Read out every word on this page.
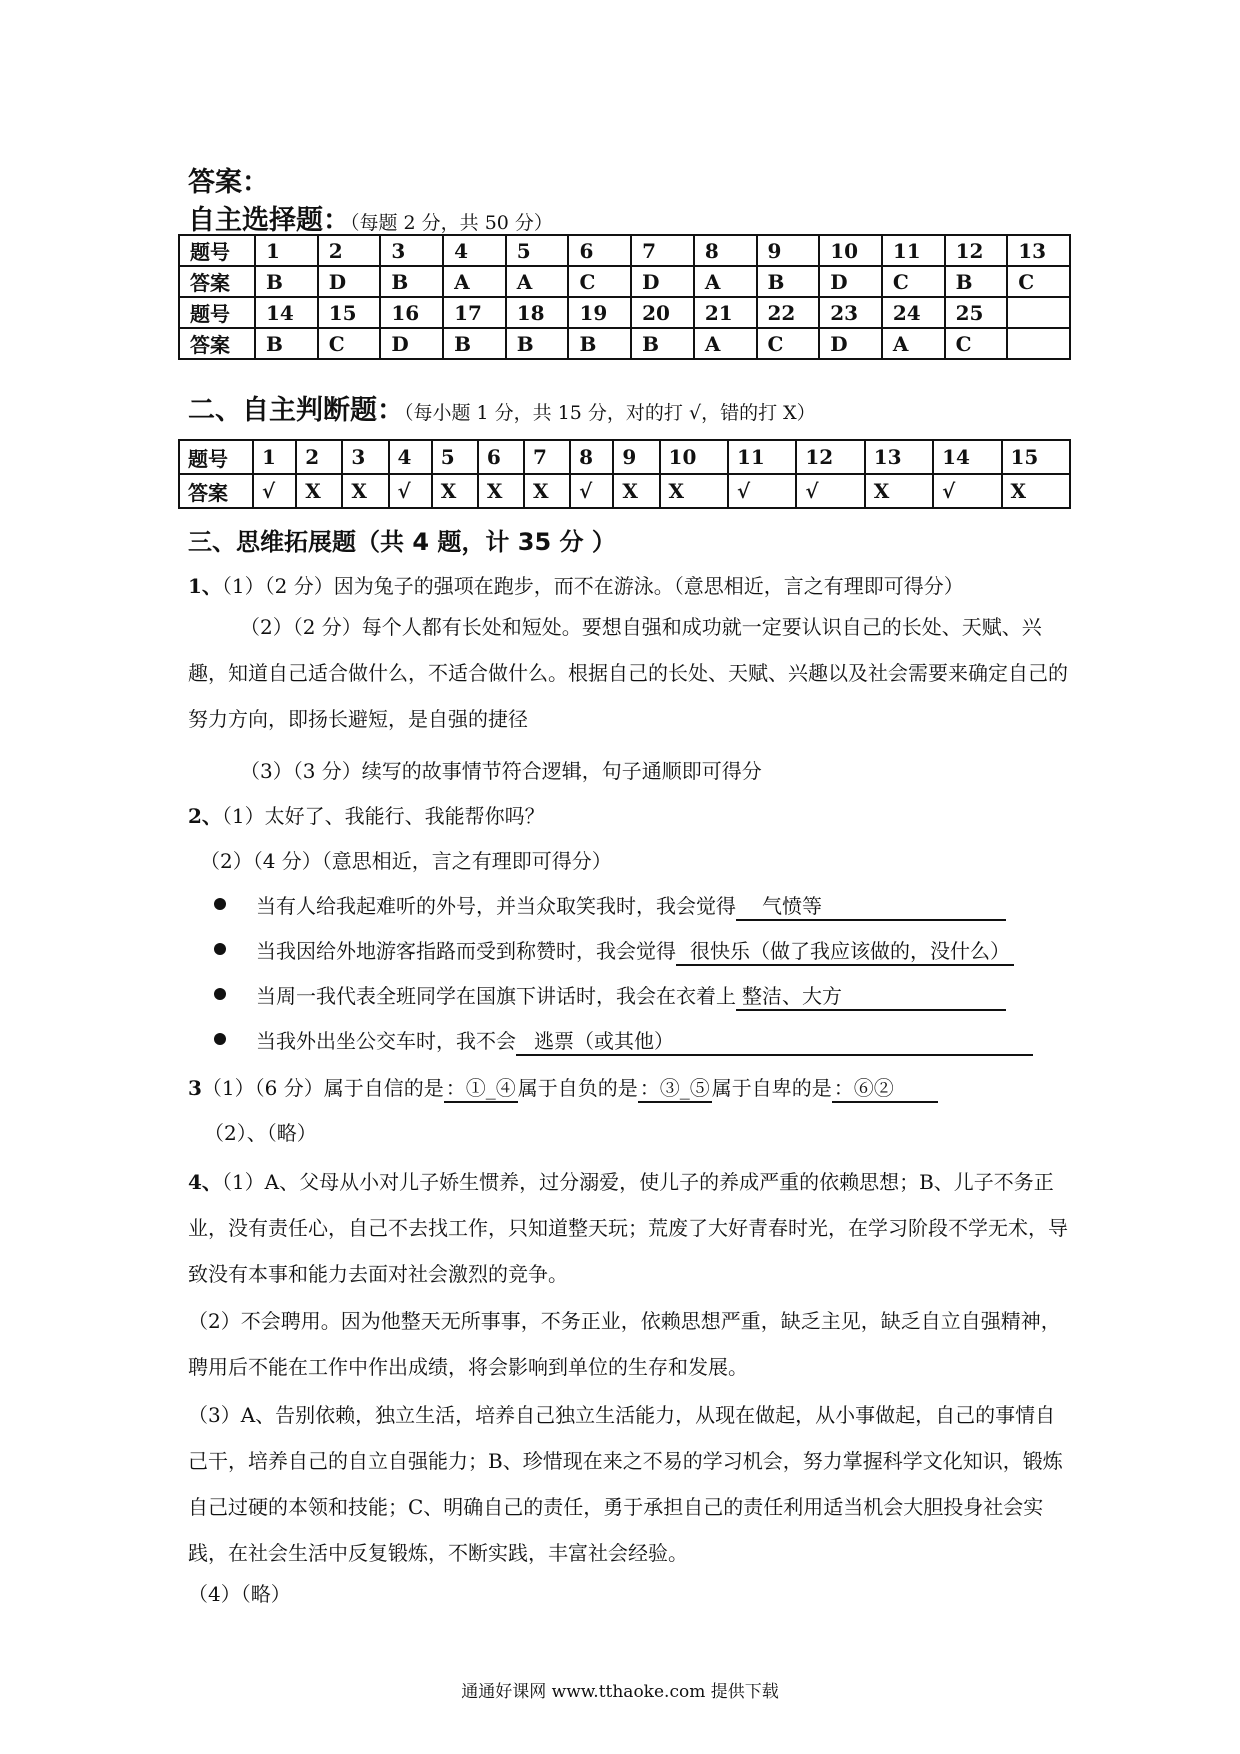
答案：
自主选择题：（每题 2 分，共 50 分）
题号	1	2	3	4	5	6	7	8	9	10	11	12	13
答案	B	D	B	A	A	C	D	A	B	D	C	B	C
题号	14	15	16	17	18	19	20	21	22	23	24	25	
答案	B	C	D	B	B	B	B	A	C	D	A	C	
二、自主判断题：（每小题 1 分，共 15 分，对的打 √，错的打 X）
题号	1	2	3	4	5	6	7	8	9	10	11	12	13	14	15
答案	√	X	X	√	X	X	X	√	X	X	√	√	X	√	X
三、思维拓展题（共 4 题，计 35 分 ）
1、（1）（2 分）因为兔子的强项在跑步，而不在游泳。（意思相近，言之有理即可得分）
（2）（2 分）每个人都有长处和短处。要想自强和成功就一定要认识自己的长处、天赋、兴趣，知道自己适合做什么，不适合做什么。根据自己的长处、天赋、兴趣以及社会需要来确定自己的努力方向，即扬长避短，是自强的捷径
（3）（3 分）续写的故事情节符合逻辑，句子通顺即可得分
2、（1）太好了、我能行、我能帮你吗？
（2）（4 分）（意思相近，言之有理即可得分）
当有人给我起难听的外号，并当众取笑我时，我会觉得 气愤等
当我因给外地游客指路而受到称赞时，我会觉得 很快乐（做了我应该做的，没什么）
当周一我代表全班同学在国旗下讲话时，我会在衣着上 整洁、大方
当我外出坐公交车时，我不会 逃票（或其他）
3（1）（6 分）属于自信的是 ：①_④ 属于自负的是 ：③_⑤ 属于自卑的是 ：⑥②
（2）、（略）
4、（1）A、父母从小对儿子娇生惯养，过分溺爱，使儿子的养成严重的依赖思想；B、儿子不务正业，没有责任心，自己不去找工作，只知道整天玩；荒废了大好青春时光，在学习阶段不学无术，导致没有本事和能力去面对社会激烈的竞争。
（2）不会聘用。因为他整天无所事事，不务正业，依赖思想严重，缺乏主见，缺乏自立自强精神，聘用后不能在工作中作出成绩，将会影响到单位的生存和发展。
（3）A、告别依赖，独立生活，培养自己独立生活能力，从现在做起，从小事做起，自己的事情自己干，培养自己的自立自强能力；B、珍惜现在来之不易的学习机会，努力掌握科学文化知识，锻炼自己过硬的本领和技能；C、明确自己的责任，勇于承担自己的责任利用适当机会大胆投身社会实践，在社会生活中反复锻炼，不断实践，丰富社会经验。
（4）（略）
通通好课网 www.tthaoke.com 提供下载
